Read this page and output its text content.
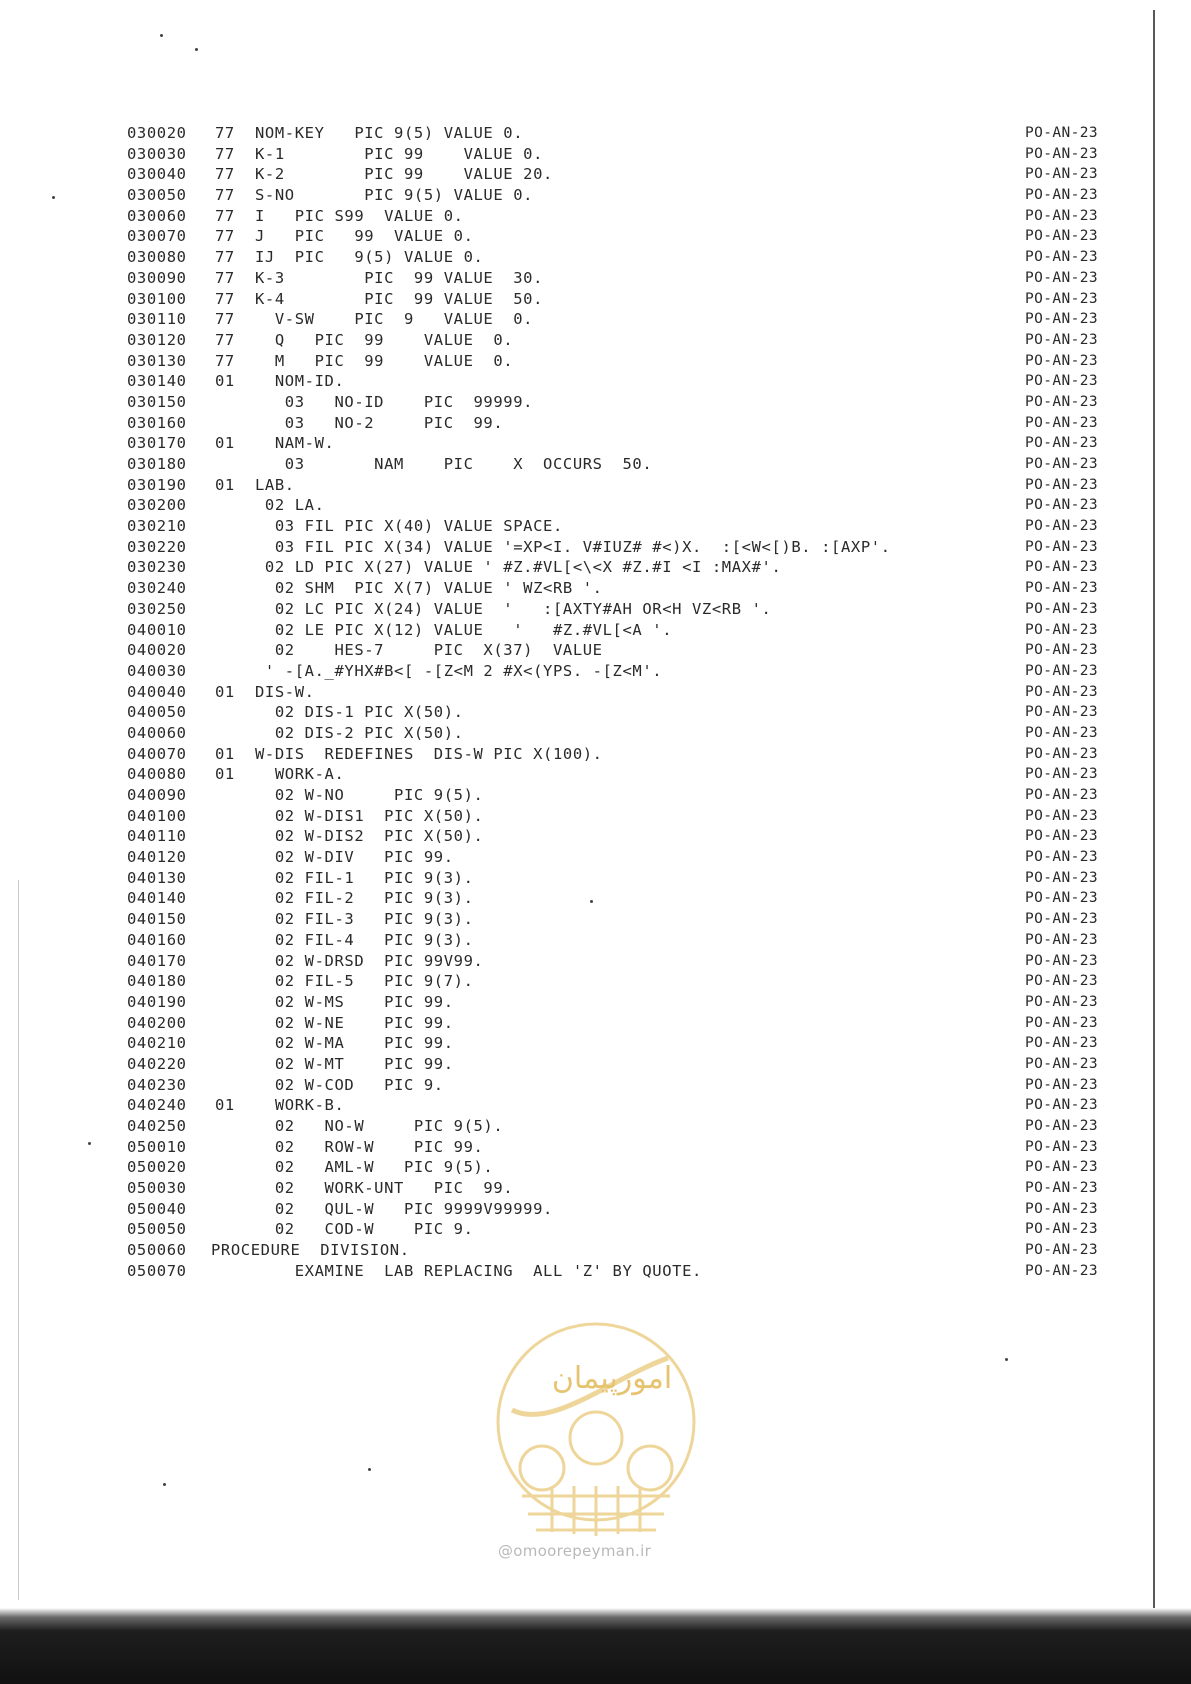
030020	77	NOM-KEY   PIC 9(5) VALUE 0.	PO-AN-23
030030	77	K-1        PIC 99    VALUE 0.	PO-AN-23
030040	77	K-2        PIC 99    VALUE 20.	PO-AN-23
030050	77	S-NO       PIC 9(5) VALUE 0.	PO-AN-23
030060	77	I   PIC S99  VALUE 0.	PO-AN-23
030070	77	J   PIC   99  VALUE 0.	PO-AN-23
030080	77	IJ  PIC   9(5) VALUE 0.	PO-AN-23
030090	77	K-3        PIC  99 VALUE  30.	PO-AN-23
030100	77	K-4        PIC  99 VALUE  50.	PO-AN-23
030110	77	V-SW    PIC  9   VALUE  0.	PO-AN-23
030120	77	Q   PIC  99    VALUE  0.	PO-AN-23
030130	77	M   PIC  99    VALUE  0.	PO-AN-23
030140	01	NOM-ID.	PO-AN-23
030150	03   NO-ID    PIC  99999.	PO-AN-23
030160	03   NO-2     PIC  99.	PO-AN-23
030170	01	NAM-W.	PO-AN-23
030180	03       NAM    PIC    X  OCCURS  50.	PO-AN-23
030190	01	LAB.	PO-AN-23
030200	02 LA.	PO-AN-23
030210	03 FIL PIC X(40) VALUE SPACE.	PO-AN-23
030220	03 FIL PIC X(34) VALUE '=XP<I. V#IUZ# #<)X.  :[<W<[)B. :[AXP'.	PO-AN-23
030230	02 LD PIC X(27) VALUE ' #Z.#VL[<\<X #Z.#I <I :MAX#'.	PO-AN-23
030240	02 SHM  PIC X(7) VALUE ' WZ<RB '.	PO-AN-23
030250	02 LC PIC X(24) VALUE  '   :[AXTY#AH OR<H VZ<RB '.	PO-AN-23
040010	02 LE PIC X(12) VALUE   '   #Z.#VL[<A '.	PO-AN-23
040020	02    HES-7     PIC  X(37)  VALUE	PO-AN-23
040030	' -[A._#YHX#B<[ -[Z<M 2 #X<(YPS. -[Z<M'.	PO-AN-23
040040	01	DIS-W.	PO-AN-23
040050	02 DIS-1 PIC X(50).	PO-AN-23
040060	02 DIS-2 PIC X(50).	PO-AN-23
040070	01	W-DIS  REDEFINES  DIS-W PIC X(100).	PO-AN-23
040080	01	WORK-A.	PO-AN-23
040090	02 W-NO     PIC 9(5).	PO-AN-23
040100	02 W-DIS1  PIC X(50).	PO-AN-23
040110	02 W-DIS2  PIC X(50).	PO-AN-23
040120	02 W-DIV   PIC 99.	PO-AN-23
040130	02 FIL-1   PIC 9(3).	PO-AN-23
040140	02 FIL-2   PIC 9(3).	PO-AN-23
040150	02 FIL-3   PIC 9(3).	PO-AN-23
040160	02 FIL-4   PIC 9(3).	PO-AN-23
040170	02 W-DRSD  PIC 99V99.	PO-AN-23
040180	02 FIL-5   PIC 9(7).	PO-AN-23
040190	02 W-MS    PIC 99.	PO-AN-23
040200	02 W-NE    PIC 99.	PO-AN-23
040210	02 W-MA    PIC 99.	PO-AN-23
040220	02 W-MT    PIC 99.	PO-AN-23
040230	02 W-COD   PIC 9.	PO-AN-23
040240	01	WORK-B.	PO-AN-23
040250	02   NO-W     PIC 9(5).	PO-AN-23
050010	02   ROW-W    PIC 99.	PO-AN-23
050020	02   AML-W   PIC 9(5).	PO-AN-23
050030	02   WORK-UNT   PIC  99.	PO-AN-23
050040	02   QUL-W   PIC 9999V99999.	PO-AN-23
050050	02   COD-W    PIC 9.	PO-AN-23
050060	PROCEDURE  DIVISION.	PO-AN-23
050070	EXAMINE  LAB REPLACING  ALL 'Z' BY QUOTE.	PO-AN-23
امورپیمان
@omoorepeyman.ir
